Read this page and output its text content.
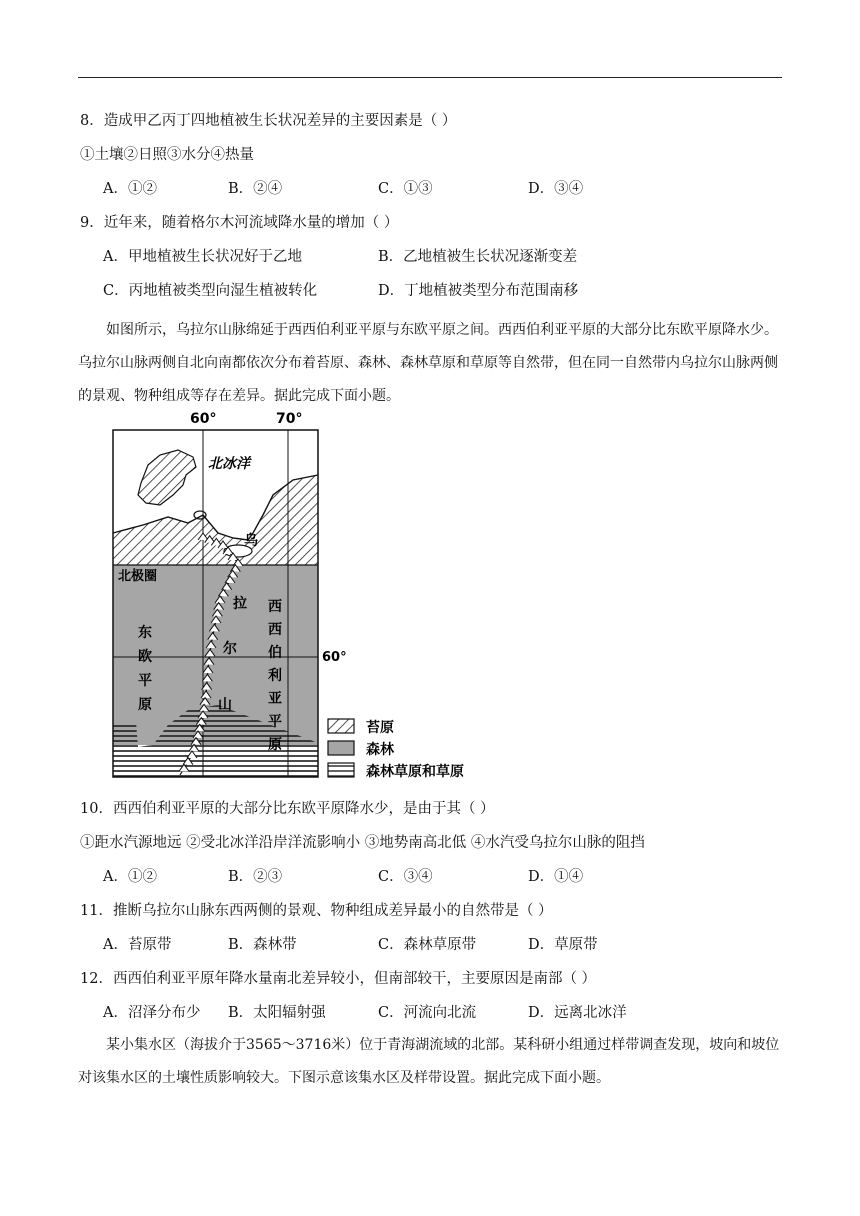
8．造成甲乙丙丁四地植被生长状况差异的主要因素是（ ）
①土壤②日照③水分④热量
A．①②	B．②④	C．①③	D．③④
9．近年来，随着格尔木河流域降水量的增加（ ）
A．甲地植被生长状况好于乙地	B．乙地植被生长状况逐渐变差
C．丙地植被类型向湿生植被转化	D．丁地植被类型分布范围南移
如图所示，乌拉尔山脉绵延于西西伯利亚平原与东欧平原之间。西西伯利亚平原的大部分比东欧平原降水少。乌拉尔山脉两侧自北向南都依次分布着苔原、森林、森林草原和草原等自然带，但在同一自然带内乌拉尔山脉两侧的景观、物种组成等存在差异。据此完成下面小题。
60°	70°
60°
北冰洋
北极圈
东
欧
平
原
乌
拉
尔
山
西
西
伯
利
亚
平
原
苔原
森林
森林草原和草原
10．西西伯利亚平原的大部分比东欧平原降水少，是由于其（ ）
①距水汽源地远 ②受北冰洋沿岸洋流影响小 ③地势南高北低 ④水汽受乌拉尔山脉的阻挡
A．①②	B．②③	C．③④	D．①④
11．推断乌拉尔山脉东西两侧的景观、物种组成差异最小的自然带是（ ）
A．苔原带	B．森林带	C．森林草原带	D．草原带
12．西西伯利亚平原年降水量南北差异较小，但南部较干，主要原因是南部（ ）
A．沼泽分布少 B．太阳辐射强	C．河流向北流	D．远离北冰洋
某小集水区（海拔介于3565～3716米）位于青海湖流域的北部。某科研小组通过样带调查发现，坡向和坡位对该集水区的土壤性质影响较大。下图示意该集水区及样带设置。据此完成下面小题。
